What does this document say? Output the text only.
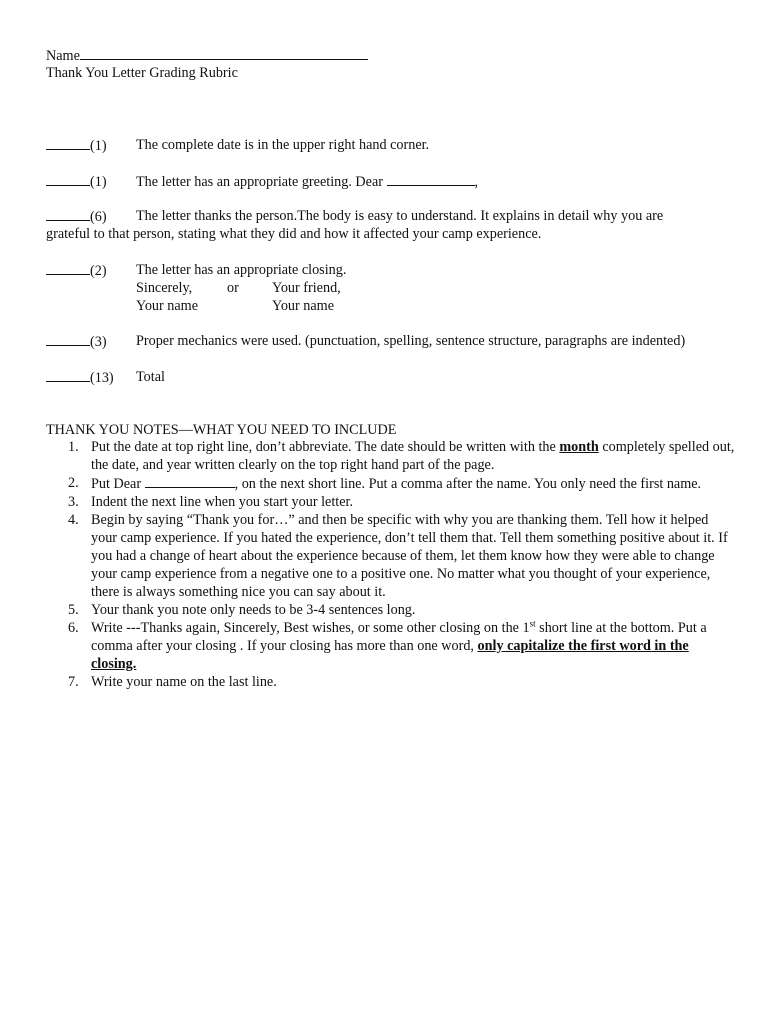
Name
Thank You Letter Grading Rubric
(1) The complete date is in the upper right hand corner.
(1) The letter has an appropriate greeting. Dear	,
(6) The letter thanks the person.The body is easy to understand. It explains in detail why you are
grateful to that person, stating what they did and how it affected your camp experience.
(2) The letter has an appropriate closing.
Sincerely, or Your friend,
Your name	Your name
(3) Proper mechanics were used. (punctuation, spelling, sentence structure, paragraphs are indented)
(13) Total
THANK YOU NOTES—WHAT YOU NEED TO INCLUDE
1. Put the date at top right line, don’t abbreviate. The date should be written with the month completely spelled out, the date, and year written clearly on the top right hand part of the page.
2. Put Dear	, on the next short line. Put a comma after the name. You only need the first name.
3. Indent the next line when you start your letter.
4. Begin by saying “Thank you for…” and then be specific with why you are thanking them. Tell how it helped your camp experience. If you hated the experience, don’t tell them that. Tell them something positive about it. If you had a change of heart about the experience because of them, let them know how they were able to change your camp experience from a negative one to a positive one. No matter what you thought of your experience, there is always something nice you can say about it.
5. Your thank you note only needs to be 3-4 sentences long.
6. Write ---Thanks again, Sincerely, Best wishes, or some other closing on the 1st short line at the bottom. Put a comma after your closing . If your closing has more than one word, only capitalize the first word in the closing.
7. Write your name on the last line.
